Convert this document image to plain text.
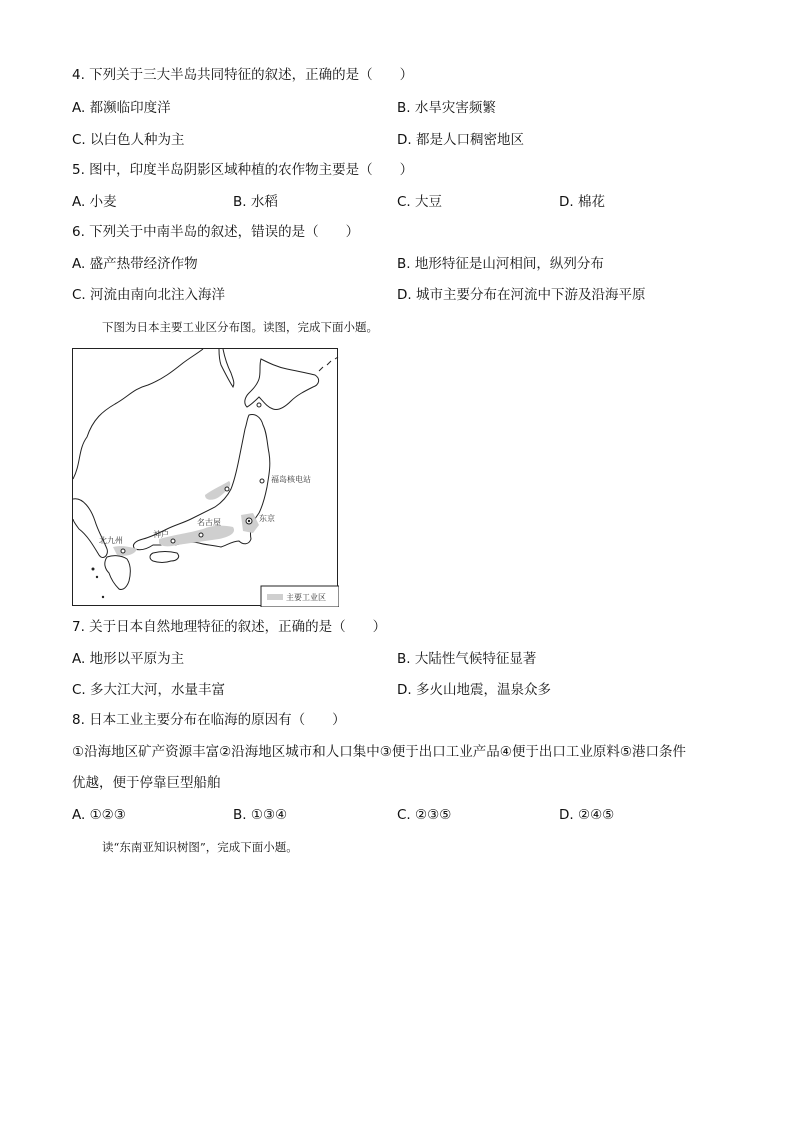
4. 下列关于三大半岛共同特征的叙述，正确的是（　　）
A. 都濒临印度洋	B. 水旱灾害频繁
C. 以白色人种为主	D. 都是人口稠密地区
5. 图中，印度半岛阴影区域种植的农作物主要是（　　）
A. 小麦	B. 水稻	C. 大豆	D. 棉花
6. 下列关于中南半岛的叙述，错误的是（　　）
A. 盛产热带经济作物	B. 地形特征是山河相间，纵列分布
C. 河流由南向北注入海洋	D. 城市主要分布在河流中下游及沿海平原
下图为日本主要工业区分布图。读图，完成下面小题。
福岛核电站
东京
名古屋
神户
北九州
主要工业区
7. 关于日本自然地理特征的叙述，正确的是（　　）
A. 地形以平原为主	B. 大陆性气候特征显著
C. 多大江大河，水量丰富	D. 多火山地震，温泉众多
8. 日本工业主要分布在临海的原因有（　　）
①沿海地区矿产资源丰富②沿海地区城市和人口集中③便于出口工业产品④便于出口工业原料⑤港口条件
优越，便于停靠巨型船舶
A. ①②③	B. ①③④	C. ②③⑤	D. ②④⑤
读“东南亚知识树图”，完成下面小题。
